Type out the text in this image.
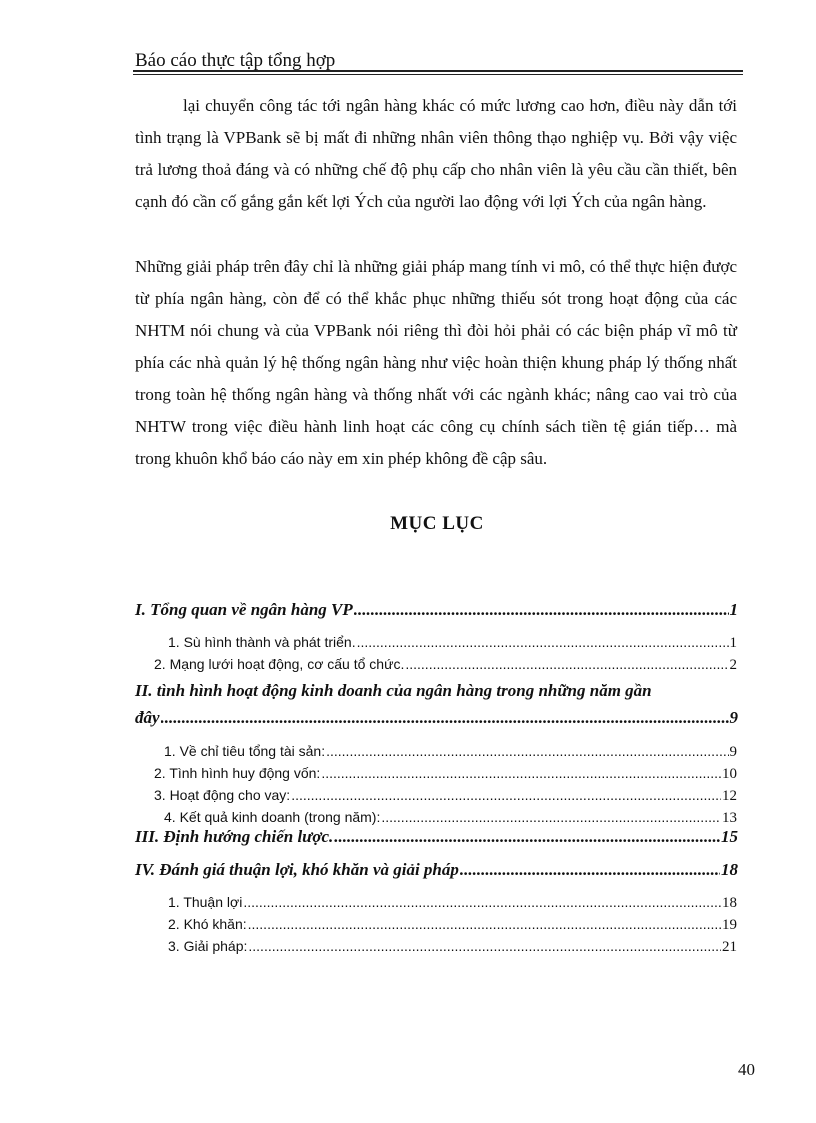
Báo cáo thực tập tổng hợp

lại chuyển công tác tới ngân hàng khác có mức lương cao hơn, điều này dẫn tới tình trạng là VPBank sẽ bị mất đi những nhân viên thông thạo nghiệp vụ. Bởi vậy việc trả lương thoả đáng và có những chế độ phụ cấp cho nhân viên là yêu cầu cần thiết, bên cạnh đó cần cố gắng gắn kết lợi Ých của người lao động với lợi Ých của ngân hàng.

Những giải pháp trên đây chỉ là những giải pháp mang tính vi mô, có thể thực hiện được từ phía ngân hàng, còn để có thể khắc phục những thiếu sót trong hoạt động của các NHTM nói chung và của VPBank nói riêng thì đòi hỏi phải có các biện pháp vĩ mô từ phía các nhà quản lý hệ thống ngân hàng như việc hoàn thiện khung pháp lý thống nhất trong toàn hệ thống ngân hàng và thống nhất với các ngành khác; nâng cao vai trò của NHTW trong việc điều hành linh hoạt các công cụ chính sách tiền tệ gián tiếp… mà trong khuôn khổ báo cáo này em xin phép không đề cập sâu.

MỤC LỤC
I. Tổng quan về ngân hàng VP .....	1
1. Sù hình thành và phát triển. .....	1
2. Mạng lưới hoạt động, cơ cấu tổ chức. .....	2
II. tình hình hoạt động kinh doanh của ngân hàng trong những năm gần
đây .....	9
1. Về chỉ tiêu tổng tài sản: .....	9
2. Tình hình huy động vốn: .....	10
3. Hoạt động cho vay: .....	12
4. Kết quả kinh doanh (trong năm): .....	13
III. Định hướng chiến lược. .....	15
IV. Đánh giá thuận lợi, khó khăn và giải pháp .....	18
1. Thuận lợi .....	18
2. Khó khăn: .....	19
3. Giải pháp: .....	21
40
